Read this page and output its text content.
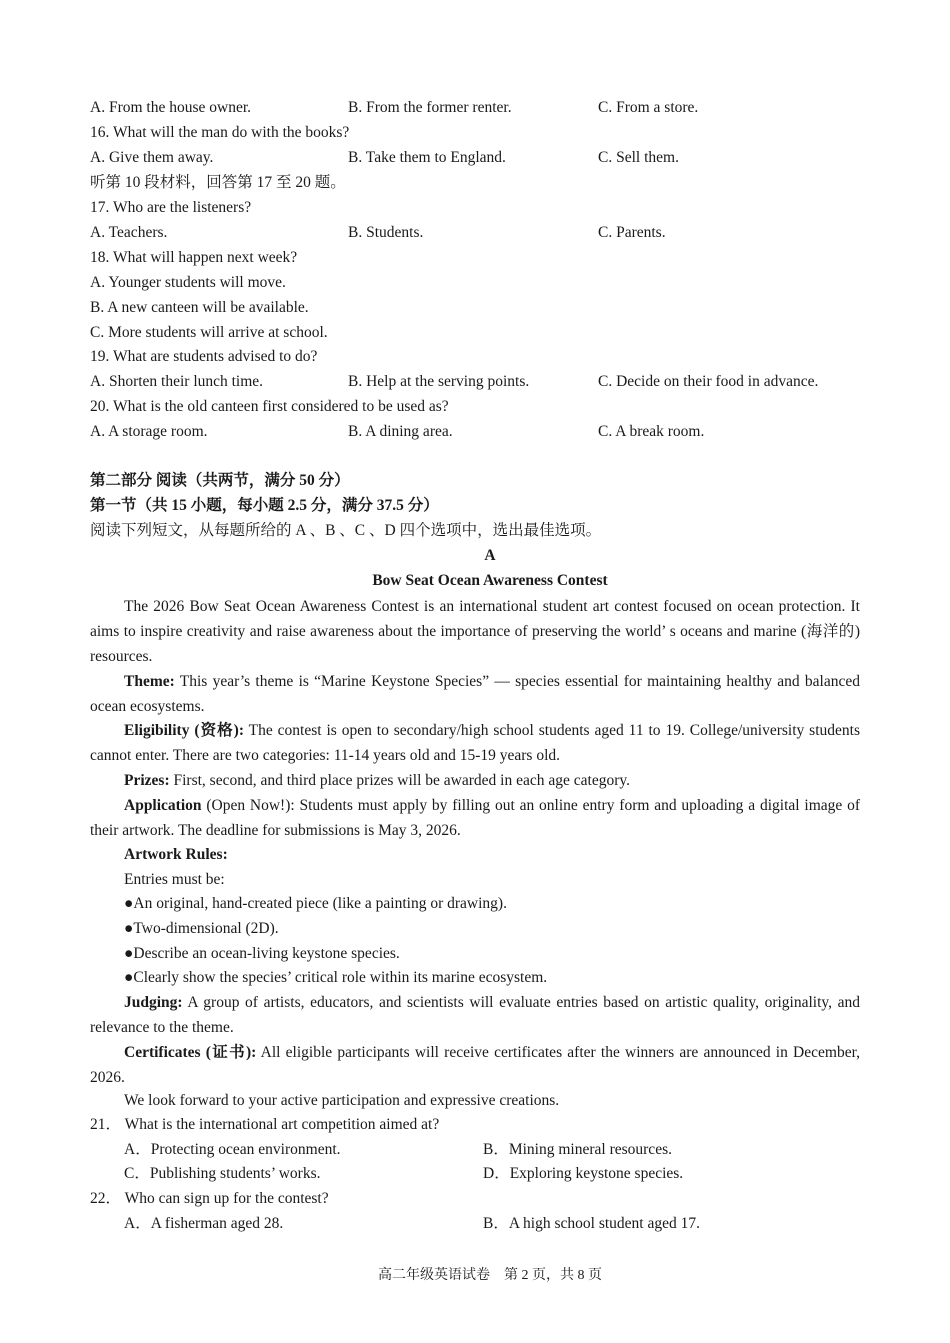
A. From the house owner.	B. From the former renter.	C. From a store.
16. What will the man do with the books?
A. Give them away.	B. Take them to England.	C. Sell them.
听第 10 段材料，回答第 17 至 20 题。
17. Who are the listeners?
A. Teachers.	B. Students.	C. Parents.
18. What will happen next week?
A. Younger students will move.
B. A new canteen will be available.
C. More students will arrive at school.
19. What are students advised to do?
A. Shorten their lunch time.	B. Help at the serving points.	C. Decide on their food in advance.
20. What is the old canteen first considered to be used as?
A. A storage room.	B. A dining area.	C. A break room.
第二部分 阅读（共两节，满分 50 分）
第一节（共 15 小题，每小题 2.5 分，满分 37.5 分）
阅读下列短文，从每题所给的 A 、B 、C 、D 四个选项中，选出最佳选项。
A
Bow Seat Ocean Awareness Contest
The 2026 Bow Seat Ocean Awareness Contest is an international student art contest focused on ocean protection. It aims to inspire creativity and raise awareness about the importance of preserving the world’ s oceans and marine (海洋的) resources.
Theme: This year’s theme is “Marine Keystone Species” — species essential for maintaining healthy and balanced ocean ecosystems.
Eligibility (资格): The contest is open to secondary/high school students aged 11 to 19. College/university students cannot enter. There are two categories: 11-14 years old and 15-19 years old.
Prizes: First, second, and third place prizes will be awarded in each age category.
Application (Open Now!): Students must apply by filling out an online entry form and uploading a digital image of their artwork. The deadline for submissions is May 3, 2026.
Artwork Rules:
Entries must be:
● An original, hand-created piece (like a painting or drawing).
● Two-dimensional (2D).
● Describe an ocean-living keystone species.
● Clearly show the species’ critical role within its marine ecosystem.
Judging: A group of artists, educators, and scientists will evaluate entries based on artistic quality, originality, and relevance to the theme.
Certificates (证书): All eligible participants will receive certificates after the winners are announced in December, 2026.
We look forward to your active participation and expressive creations.
21． What is the international art competition aimed at?
A．Protecting ocean environment.	B．Mining mineral resources.
C．Publishing students’ works.	D．Exploring keystone species.
22． Who can sign up for the contest?
A．A fisherman aged 28.	B．A high school student aged 17.
高二年级英语试卷    第 2 页，共 8 页
